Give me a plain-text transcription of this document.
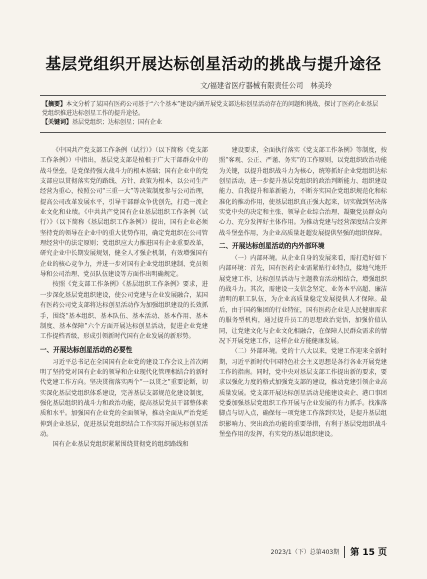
基层党组织开展达标创星活动的挑战与提升途径
文/福建省医疗器械有限责任公司　林美玲
【摘要】本文分析了某国有医药公司基于“六个基本”建设内涵开展党支部达标创星活动存在的问题和挑战，探讨了医药企业基层党组织推进达标创星工作的提升途径。
【关键词】基层党组织；达标创星；国有企业

《中国共产党支部工作条例（试行）》（以下简称《党支部工作条例》）中指出，基层党支部是植根于广大干部群众中的战斗堡垒，是党保持强大战斗力的根本基础；国有企业中的党支部应以贯彻落实党的路线、方针、政策为根本，以公司生产经营为重心，按照公司“三重一大”等决策制度参与公司治理，提高公司改革发展水平，引导干部群众争优创先，打造一流企业文化和业绩。《中共共产党国有企业基层组织工作条例（试行）》（以下简称《基层组织工作条例》）提出，国有企业必须坚持党的领导在企业中的重大优势作用，确定党组织在公司管理经营中的法定原则；党组织应大力推进国有企业重要改革，研究企业中长期发展规划，健全人才强企机制，有效增强国有企业的核心竞争力，并进一步对国有企业党组织建制、党员领导和公司治理、党员队伍建设等方面作出明确规定。

按照《党支部工作条例》《基层组织工作条例》要求，进一步深化基层党组织建设，使公司党建与企业发展融合，某国有医药公司党支部将达标创星活动作为加强组织建设的长效抓手，围绕“基本组织、基本队伍、基本活动、基本作用、基本制度、基本保障”六个方面开展达标创星活动，促进企业党建工作提档晋级，形成引领新时代国有企业发展的新形势。

一、开展达标创星活动的必要性

习近平总书记在全国国有企业党的建设工作会议上首次阐明了坚持党对国有企业的领导和企业现代化管理相结合的新时代党建工作方向。坚决贯彻落实两个“一以贯之”重要论断，切实深化基层党组织体系建设，完善基层支部规范化建设制度，强化基层组织的战斗力和政治功能，提高基层党员干部整体素质和水平。加强国有企业党的全面领导，推动全面从严治党延伸到企业基层，促进基层党组织结合工作实际开展达标创星活动。

国有企业基层党组织紧紧围绕贯彻党的组织路线和

建设要求，全面执行落实《党支部工作条例》等制度，按照“客观、公正、严谨、务实”的工作原则，以党组织政治功能为关键，以提升组织战斗力为核心，统筹抓好企业党组织达标创星活动，进一步提升基层党组织的政治判断能力、组织建设能力、自我提升和革新能力，不断夯实国企党组织规范化和标准化的推动作用，使基层组织真正强大起来，切实做到坚决落实党中央的决定和主张、领导企业综合治理、凝聚党员群众向心力、充分发挥好主体作用。为推动党建与经营深度结合发挥战斗堡垒作用，为企业高质量赶超发展提供坚强的组织保障。

二、开展达标创星活动的内外部环境

（一）内部环境。从企业自身的发展来看，需打造好如下内部环境：首先，国有医药企业需紧贴行业特点，接地气地开展党建工作，达标创星活动与主题教育活动相结合，增强组织的战斗力。其次，需建设一支信念坚定、业务本平高超、廉洁清明的职工队伍，为企业高质量稳定发展提供人才保障。最后，由于国药集团的行业特征，国有医药企业是人民健康需求的服务型机构，通过提升员工的思想政治觉悟，加强价值认同，让党建文化与企业文化相融合，在保障人民群众需求的情况下开展党建工作，这样企业方能健康发展。

（二）外部环境。党的十八大以来，党建工作迎来全新时期，习近平新时代中国特色社会主义思想是各行各业开展党建工作的指南。同时，党中央对基层支部工作提出新的要求，要求以强化力度的格式加强党支部的建设，推动党建引领企业高质量发展。党支部开展达标创星活动是能建设卖企、港口事团党委加强基层党组织工作开展与企业发展的有力抓手。找准落脚点与切入点，确保每一项党建工作落到实处，是提升基层组织影响力、突出政治功能的重要举措，有利于基层党组织战斗堡垒作用的发挥，有实党的基层组织建设。

2023/1（下）总第403期 第 15 页
